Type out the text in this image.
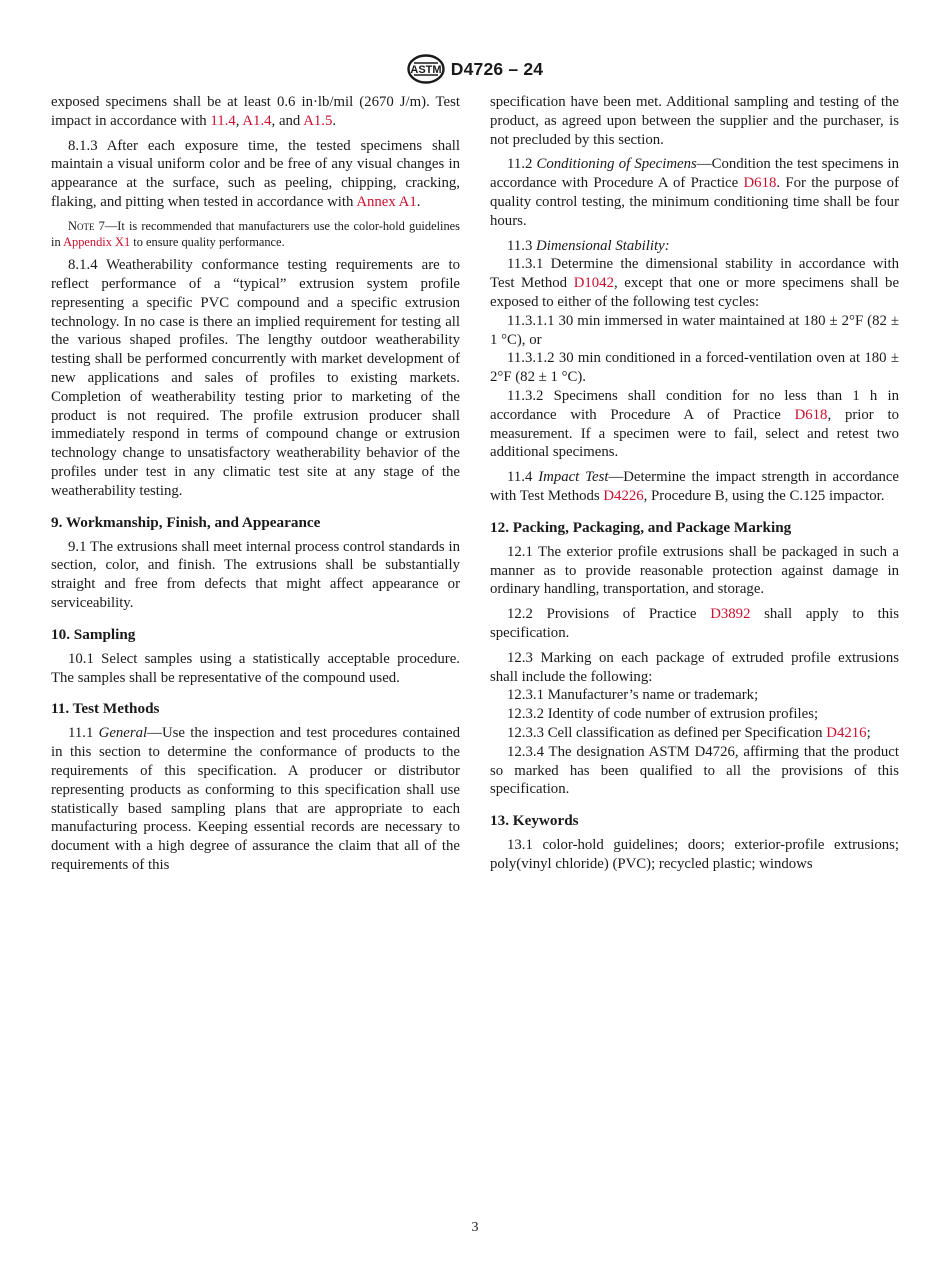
ASTM D4726 – 24

exposed specimens shall be at least 0.6 in·lb/mil (2670 J/m). Test impact in accordance with 11.4, A1.4, and A1.5.

8.1.3 After each exposure time, the tested specimens shall maintain a visual uniform color and be free of any visual changes in appearance at the surface, such as peeling, chipping, cracking, flaking, and pitting when tested in accordance with Annex A1.

Note 7—It is recommended that manufacturers use the color-hold guidelines in Appendix X1 to ensure quality performance.

8.1.4 Weatherability conformance testing requirements are to reflect performance of a “typical” extrusion system profile representing a specific PVC compound and a specific extrusion technology. In no case is there an implied requirement for testing all the various shaped profiles. The lengthy outdoor weatherability testing shall be performed concurrently with market development of new applications and sales of profiles to existing markets. Completion of weatherability testing prior to marketing of the product is not required. The profile extrusion producer shall immediately respond in terms of compound change or extrusion technology change to unsatisfactory weatherability behavior of the profiles under test in any climatic test site at any stage of the weatherability testing.

9. Workmanship, Finish, and Appearance

9.1 The extrusions shall meet internal process control standards in section, color, and finish. The extrusions shall be substantially straight and free from defects that might affect appearance or serviceability.

10. Sampling

10.1 Select samples using a statistically acceptable procedure. The samples shall be representative of the compound used.

11. Test Methods

11.1 General—Use the inspection and test procedures contained in this section to determine the conformance of products to the requirements of this specification. A producer or distributor representing products as conforming to this specification shall use statistically based sampling plans that are appropriate to each manufacturing process. Keeping essential records are necessary to document with a high degree of assurance the claim that all of the requirements of this

specification have been met. Additional sampling and testing of the product, as agreed upon between the supplier and the purchaser, is not precluded by this section.

11.2 Conditioning of Specimens—Condition the test specimens in accordance with Procedure A of Practice D618. For the purpose of quality control testing, the minimum conditioning time shall be four hours.

11.3 Dimensional Stability:

11.3.1 Determine the dimensional stability in accordance with Test Method D1042, except that one or more specimens shall be exposed to either of the following test cycles:

11.3.1.1 30 min immersed in water maintained at 180 ± 2°F (82 ± 1 °C), or

11.3.1.2 30 min conditioned in a forced-ventilation oven at 180 ± 2°F (82 ± 1 °C).

11.3.2 Specimens shall condition for no less than 1 h in accordance with Procedure A of Practice D618, prior to measurement. If a specimen were to fail, select and retest two additional specimens.

11.4 Impact Test—Determine the impact strength in accordance with Test Methods D4226, Procedure B, using the C.125 impactor.

12. Packing, Packaging, and Package Marking

12.1 The exterior profile extrusions shall be packaged in such a manner as to provide reasonable protection against damage in ordinary handling, transportation, and storage.

12.2 Provisions of Practice D3892 shall apply to this specification.

12.3 Marking on each package of extruded profile extrusions shall include the following:

12.3.1 Manufacturer’s name or trademark;

12.3.2 Identity of code number of extrusion profiles;

12.3.3 Cell classification as defined per Specification D4216;

12.3.4 The designation ASTM D4726, affirming that the product so marked has been qualified to all the provisions of this specification.

13. Keywords

13.1 color-hold guidelines; doors; exterior-profile extrusions; poly(vinyl chloride) (PVC); recycled plastic; windows

3
